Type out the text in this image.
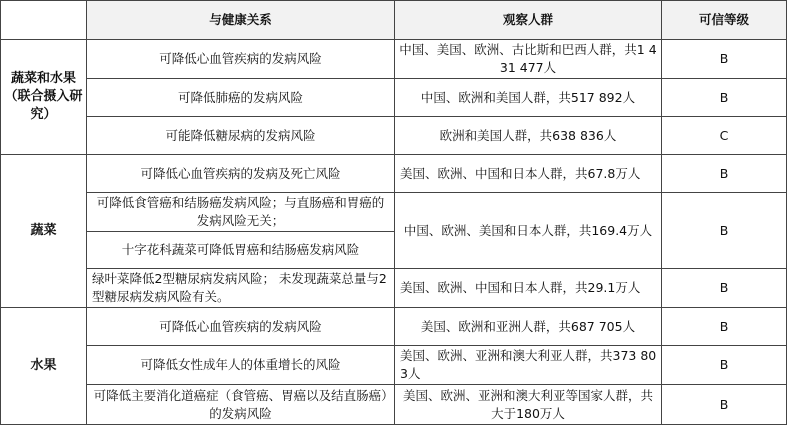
	与健康关系	观察人群	可信等级
蔬菜和水果（联合摄入研究）	可降低心血管疾病的发病风险	中国、美国、欧洲、古比斯和巴西人群，共1 431 477人	B
	可降低肺癌的发病风险	中国、欧洲和美国人群，共517 892人	B
	可能降低糖尿病的发病风险	欧洲和美国人群，共638 836人	C
蔬菜	可降低心血管疾病的发病及死亡风险	美国、欧洲、中国和日本人群，共67.8万人	B
	可降低食管癌和结肠癌发病风险；与直肠癌和胃癌的发病风险无关；	中国、欧洲、美国和日本人群，共169.4万人	B
	十字花科蔬菜可降低胃癌和结肠癌发病风险		
	绿叶菜降低2型糖尿病发病风险； 未发现蔬菜总量与2型糖尿病发病风险有关。	美国、欧洲、中国和日本人群，共29.1万人	B
水果	可降低心血管疾病的发病风险	美国、欧洲和亚洲人群，共687 705人	B
	可降低女性成年人的体重增长的风险	美国、欧洲、亚洲和澳大利亚人群，共373 803人	B
	可降低主要消化道癌症（食管癌、胃癌以及结直肠癌）的发病风险	美国、欧洲、亚洲和澳大利亚等国家人群，共大于180万人	B
